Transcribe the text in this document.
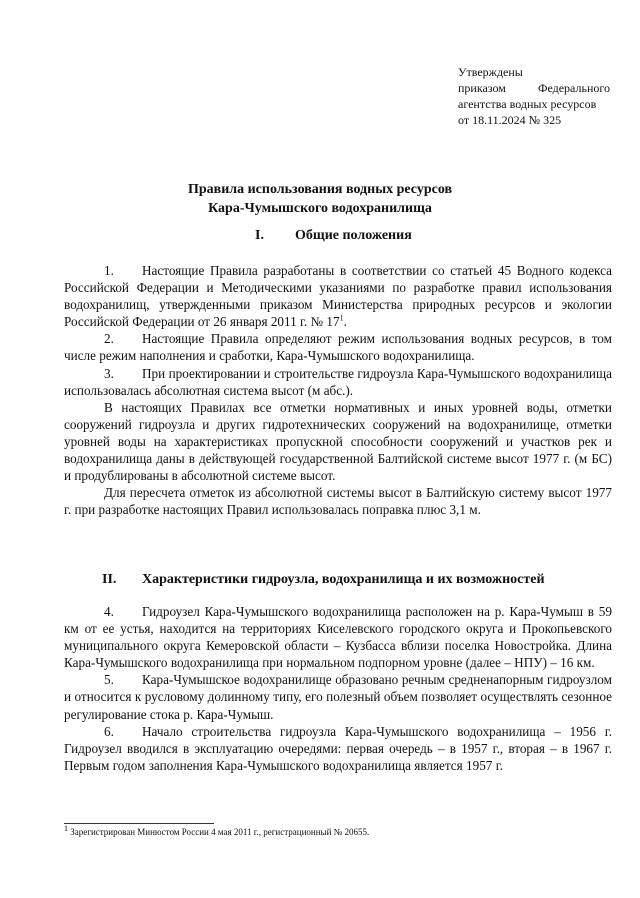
Утверждены
приказом	Федерального
агентства водных ресурсов
от 18.11.2024 № 325
Правила использования водных ресурсов
Кара-Чумышского водохранилища
I. Общие положения

1. Настоящие Правила разработаны в соответствии со статьей 45 Водного кодекса Российской Федерации и Методическими указаниями по разработке правил использования водохранилищ, утвержденными приказом Министерства природных ресурсов и экологии Российской Федерации от 26 января 2011 г. № $17^1$.

2. Настоящие Правила определяют режим использования водных ресурсов, в том числе режим наполнения и сработки, Кара-Чумышского водохранилища.

3. При проектировании и строительстве гидроузла Кара-Чумышского водохранилища использовалась абсолютная система высот (м абс.).

В настоящих Правилах все отметки нормативных и иных уровней воды, отметки сооружений гидроузла и других гидротехнических сооружений на водохранилище, отметки уровней воды на характеристиках пропускной способности сооружений и участков рек и водохранилища даны в действующей государственной Балтийской системе высот 1977 г. (м БС) и продублированы в абсолютной системе высот.

Для пересчета отметок из абсолютной системы высот в Балтийскую систему высот 1977 г. при разработке настоящих Правил использовалась поправка плюс 3,1 м.

II. Характеристики гидроузла, водохранилища и их возможностей

4. Гидроузел Кара-Чумышского водохранилища расположен на р. Кара-Чумыш в 59 км от ее устья, находится на территориях Киселевского городского округа и Прокопьевского муниципального округа Кемеровской области – Кузбасса вблизи поселка Новостройка. Длина Кара-Чумышского водохранилища при нормальном подпорном уровне (далее – НПУ) – 16 км.

5. Кара-Чумышское водохранилище образовано речным средненапорным гидроузлом и относится к русловому долинному типу, его полезный объем позволяет осуществлять сезонное регулирование стока р. Кара-Чумыш.

6. Начало строительства гидроузла Кара-Чумышского водохранилища – 1956 г. Гидроузел вводился в эксплуатацию очередями: первая очередь – в 1957 г., вторая – в 1967 г. Первым годом заполнения Кара-Чумышского водохранилища является 1957 г.

$^1$ Зарегистрирован Минюстом России 4 мая 2011 г., регистрационный № 20655.
